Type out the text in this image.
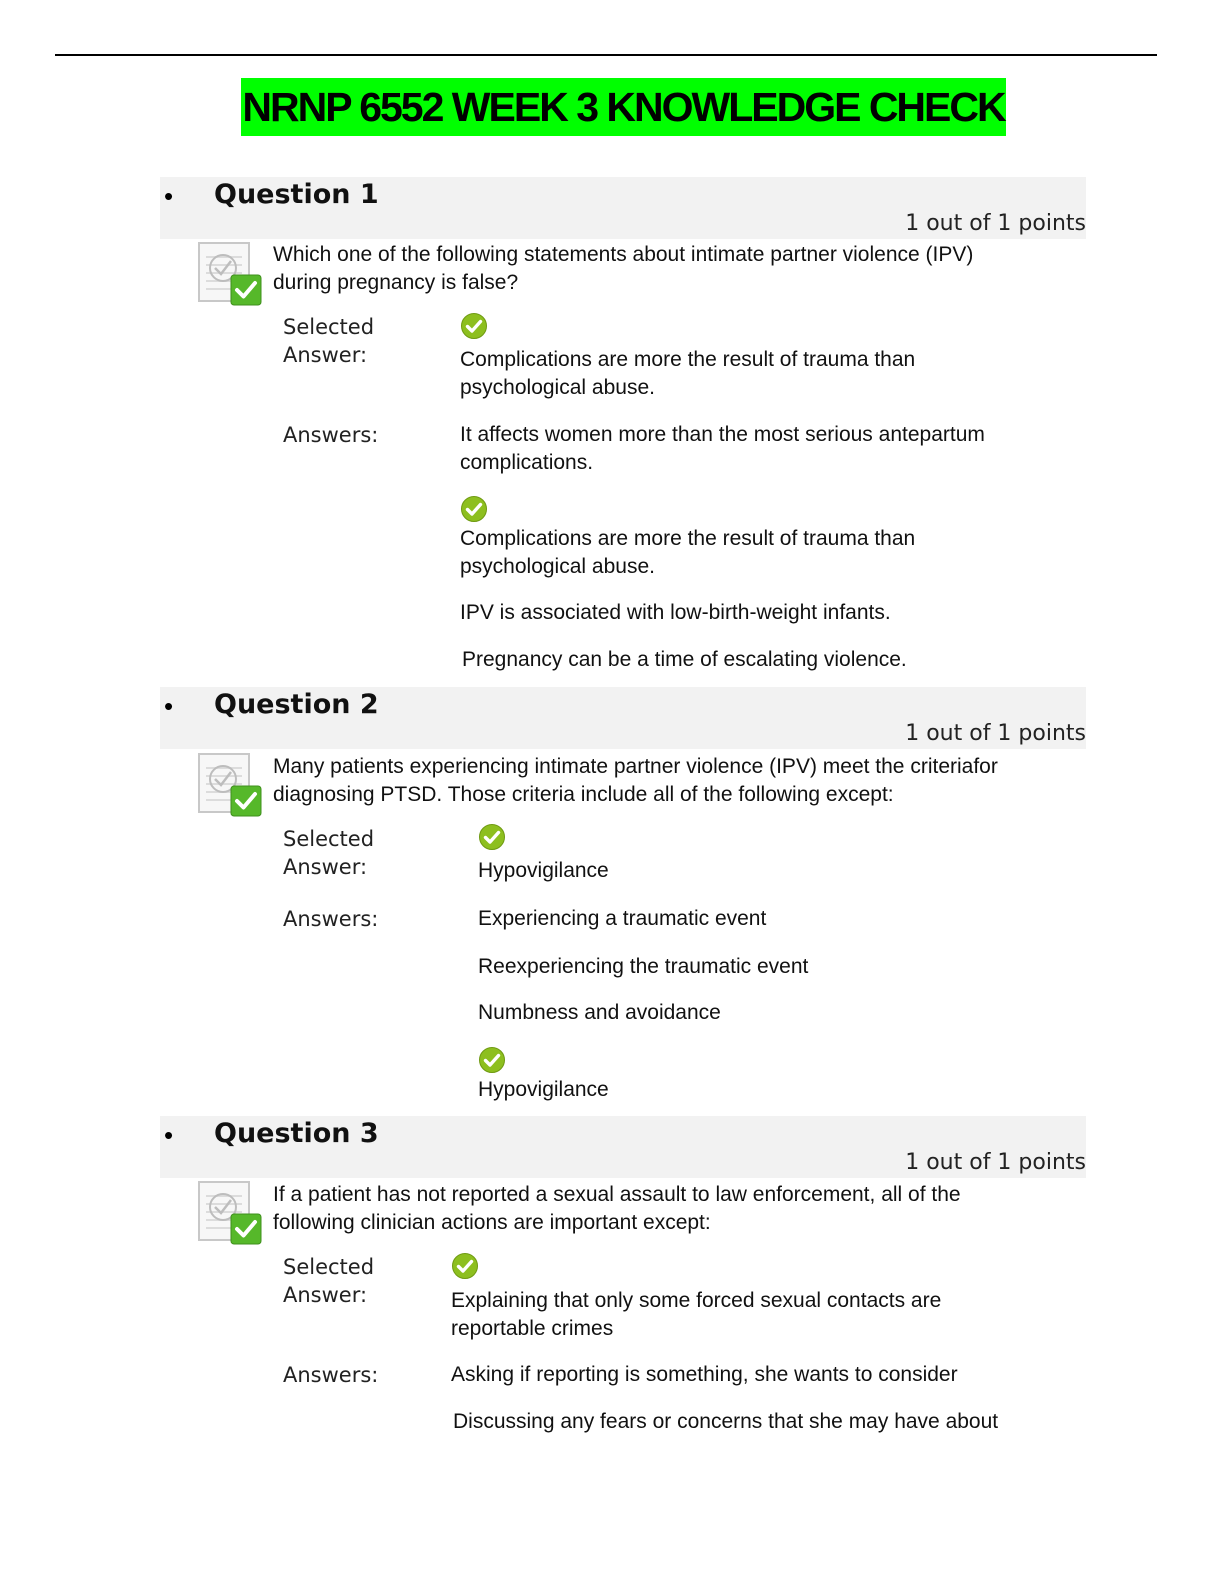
NRNP 6552 WEEK 3 KNOWLEDGE CHECK
• Question 1
1 out of 1 points
Which one of the following statements about intimate partner violence (IPV)
during pregnancy is false?
Selected
Answer:	Complications are more the result of trauma than
psychological abuse.
Answers:	It affects women more than the most serious antepartum
complications.
Complications are more the result of trauma than
psychological abuse.
IPV is associated with low-birth-weight infants.
Pregnancy can be a time of escalating violence.
• Question 2
1 out of 1 points
Many patients experiencing intimate partner violence (IPV) meet the criteriafor
diagnosing PTSD. Those criteria include all of the following except:
Selected
Answer:	Hypovigilance
Answers:	Experiencing a traumatic event
Reexperiencing the traumatic event
Numbness and avoidance
Hypovigilance
• Question 3
1 out of 1 points
If a patient has not reported a sexual assault to law enforcement, all of the
following clinician actions are important except:
Selected
Answer:	Explaining that only some forced sexual contacts are
reportable crimes
Answers:	Asking if reporting is something, she wants to consider
Discussing any fears or concerns that she may have about
